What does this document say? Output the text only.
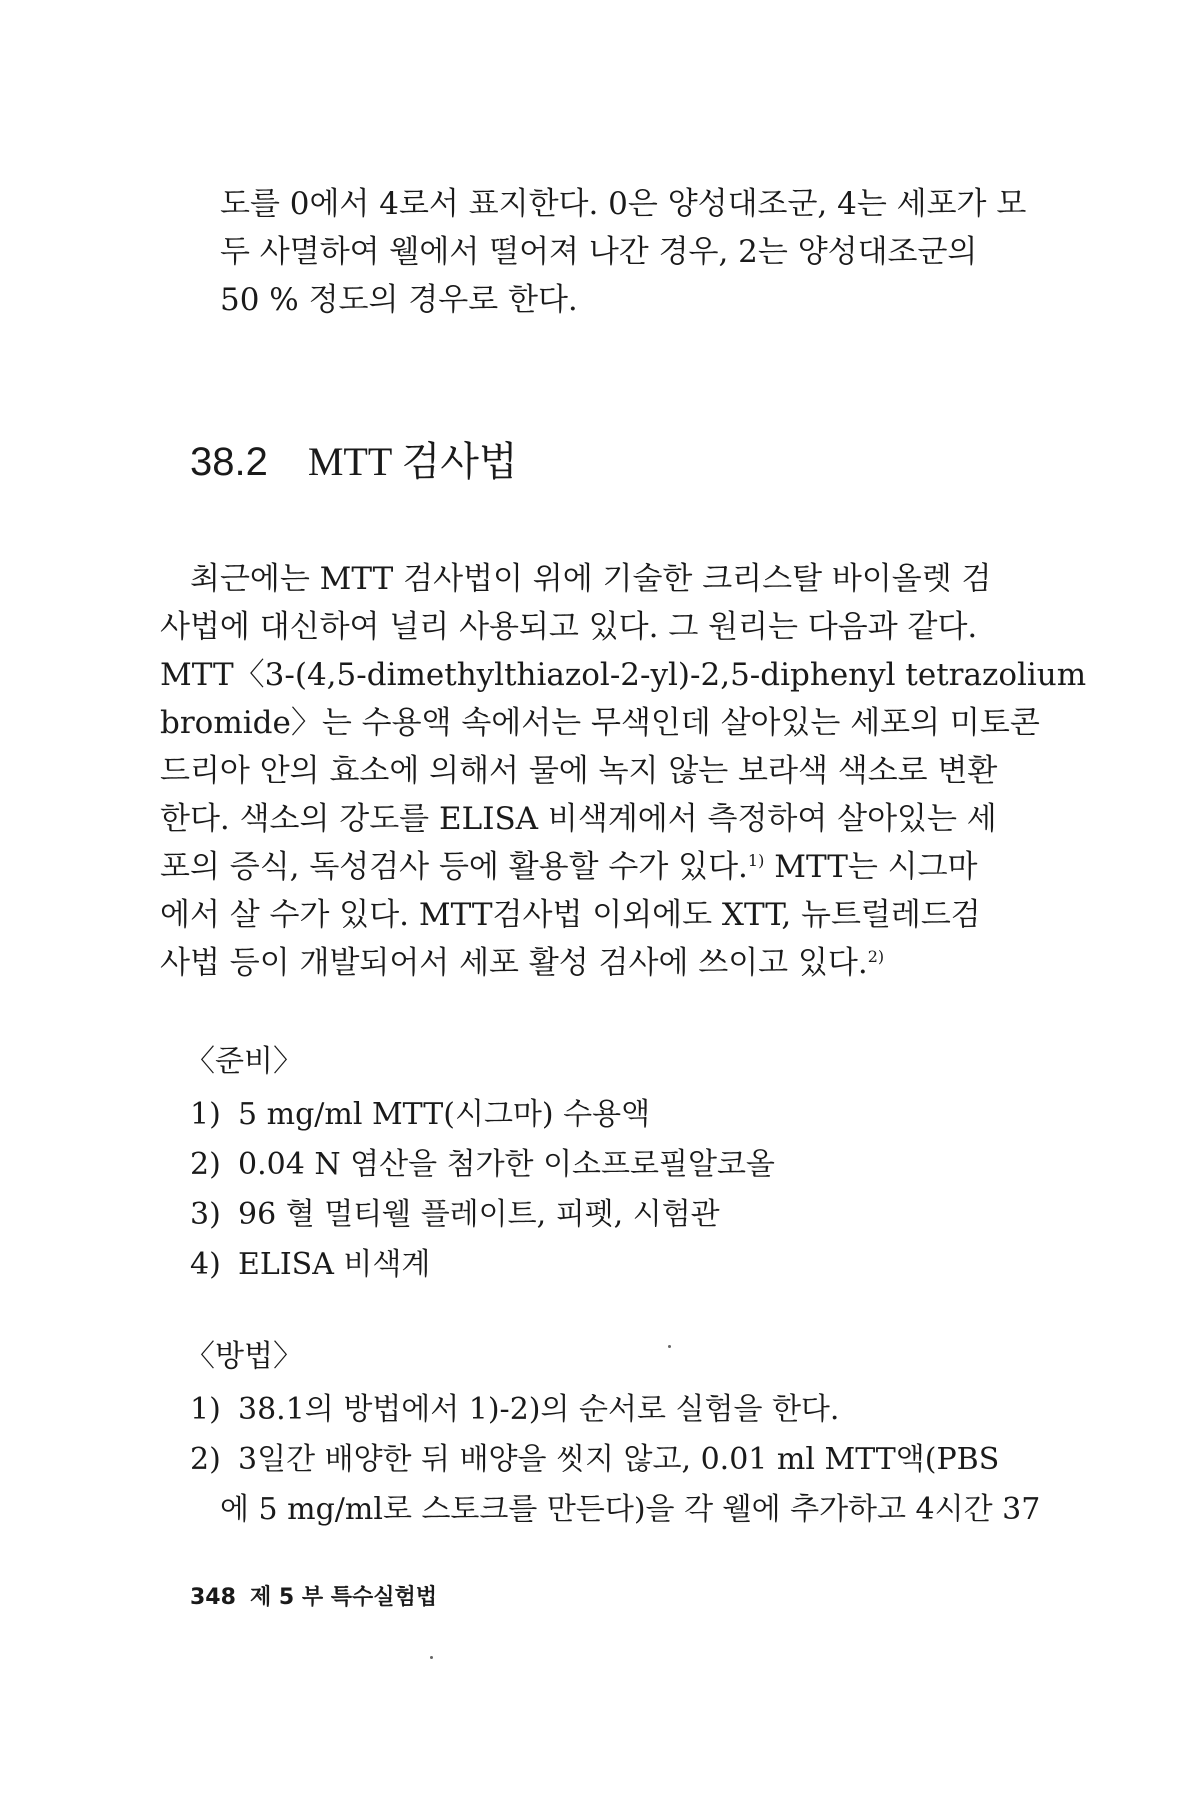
도를 0에서 4로서 표지한다. 0은 양성대조군, 4는 세포가 모
두 사멸하여 웰에서 떨어져 나간 경우, 2는 양성대조군의
50 % 정도의 경우로 한다.
38.2 MTT 검사법
최근에는 MTT 검사법이 위에 기술한 크리스탈 바이올렛 검
사법에 대신하여 널리 사용되고 있다. 그 원리는 다음과 같다.
MTT〈3-(4,5-dimethylthiazol-2-yl)-2,5-diphenyl tetrazolium
bromide〉는 수용액 속에서는 무색인데 살아있는 세포의 미토콘
드리아 안의 효소에 의해서 물에 녹지 않는 보라색 색소로 변환
한다. 색소의 강도를 ELISA 비색계에서 측정하여 살아있는 세
포의 증식, 독성검사 등에 활용할 수가 있다.$^{1)}$ MTT는 시그마
에서 살 수가 있다. MTT검사법 이외에도 XTT, 뉴트럴레드검
사법 등이 개발되어서 세포 활성 검사에 쓰이고 있다.$^{2)}$
〈준비〉
1) 5 mg/ml MTT(시그마) 수용액
2) 0.04 N 염산을 첨가한 이소프로필알코올
3) 96 혈 멀티웰 플레이트, 피펫, 시험관
4) ELISA 비색계
〈방법〉
1) 38.1의 방법에서 1)-2)의 순서로 실험을 한다.
2) 3일간 배양한 뒤 배양을 씻지 않고, 0.01 ml MTT액(PBS
에 5 mg/ml로 스토크를 만든다)을 각 웰에 추가하고 4시간 37
348 제 5 부 특수실험법
